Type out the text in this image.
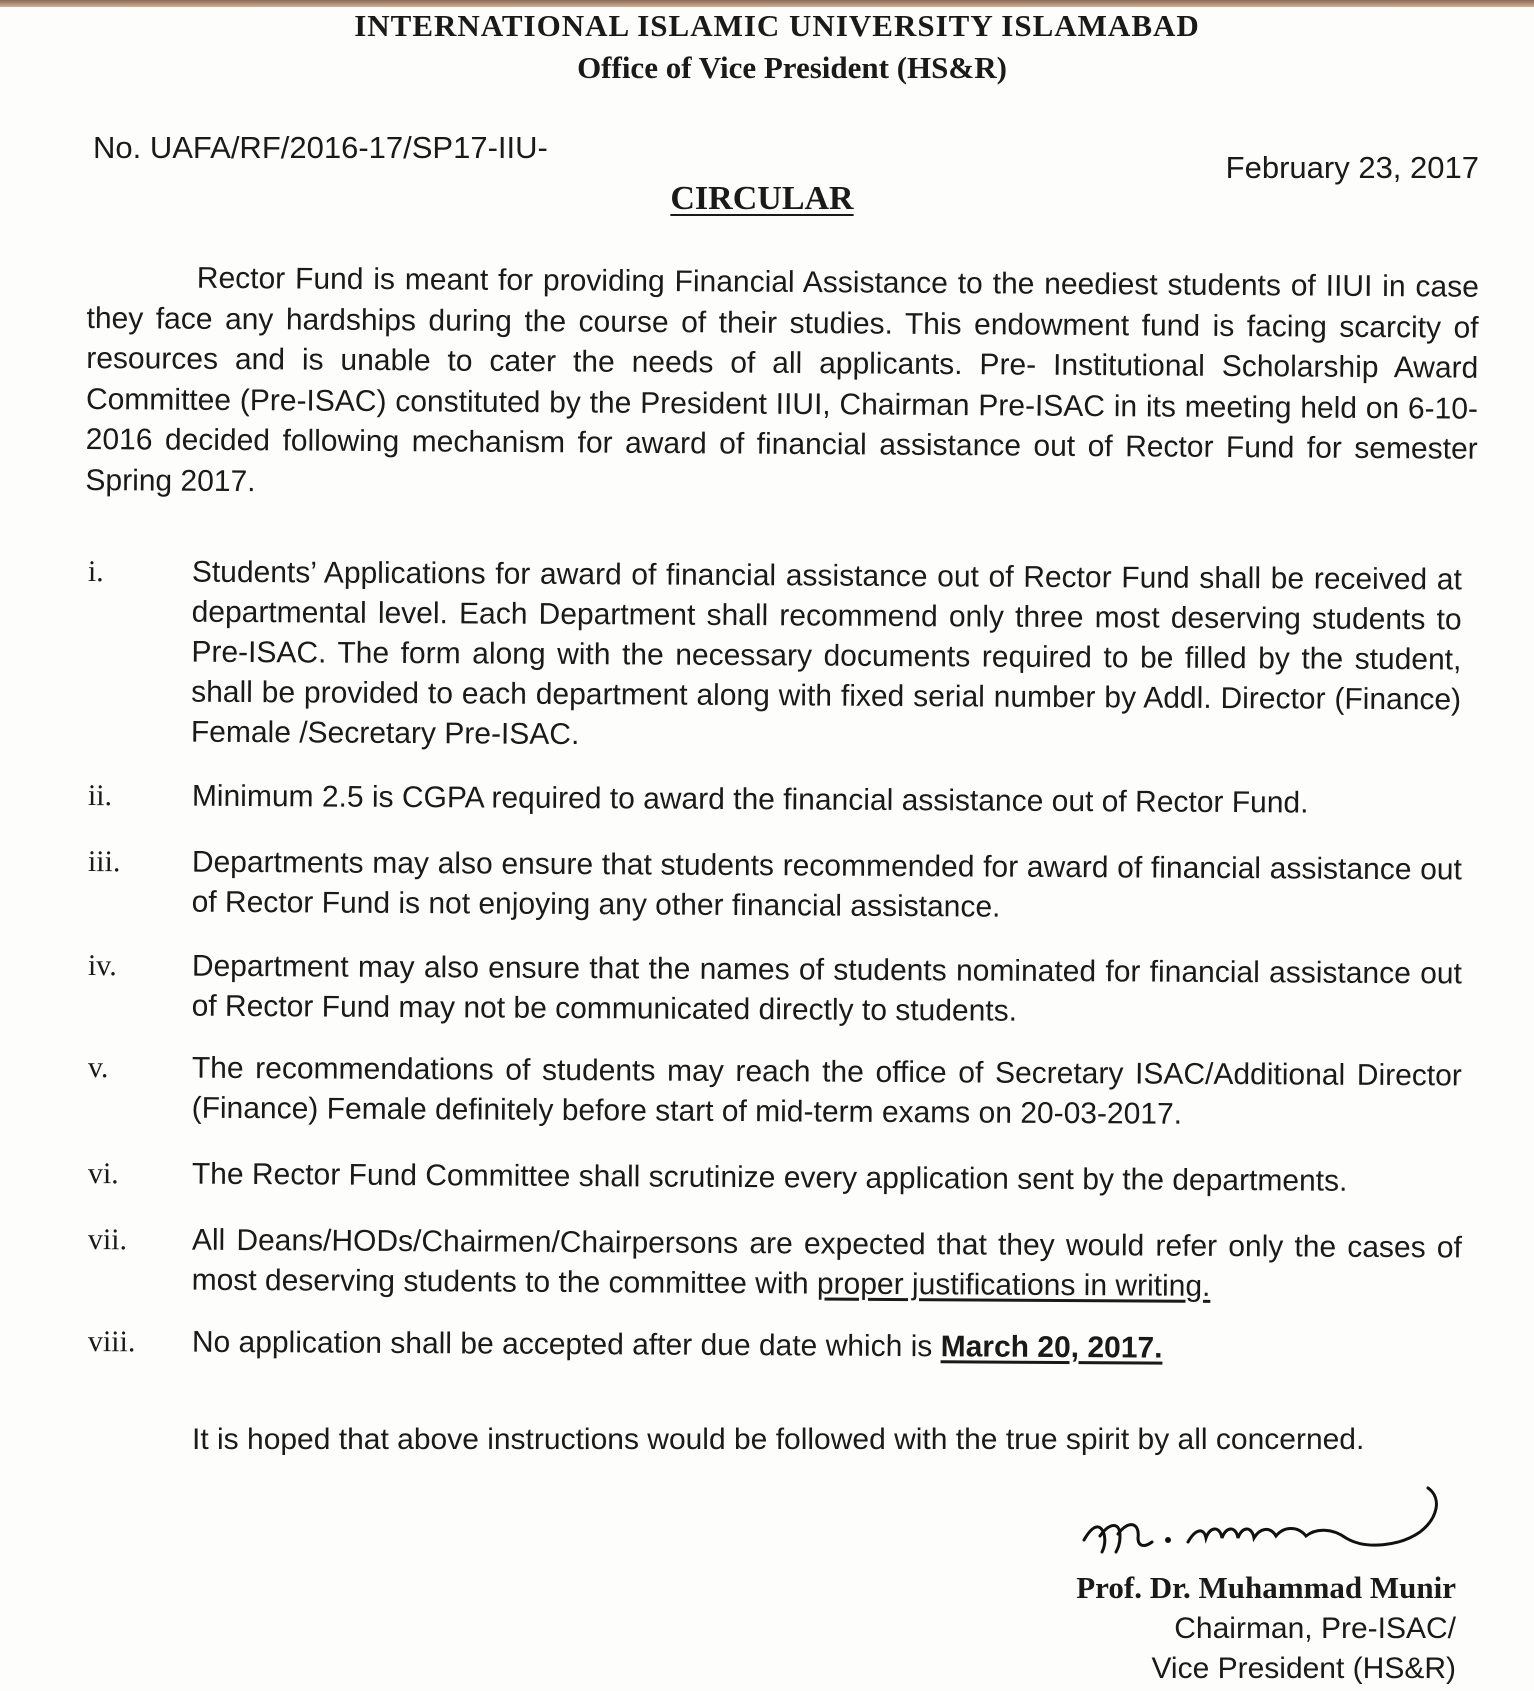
INTERNATIONAL ISLAMIC UNIVERSITY ISLAMABAD
Office of Vice President (HS&R)
No. UAFA/RF/2016-17/SP17-IIU-
February 23, 2017
CIRCULAR

Rector Fund is meant for providing Financial Assistance to the neediest students of IIUI in case they face any hardships during the course of their studies. This endowment fund is facing scarcity of resources and is unable to cater the needs of all applicants. Pre- Institutional Scholarship Award Committee (Pre-ISAC) constituted by the President IIUI, Chairman Pre-ISAC in its meeting held on 6-10-2016 decided following mechanism for award of financial assistance out of Rector Fund for semester Spring 2017.

i.	Students’ Applications for award of financial assistance out of Rector Fund shall be received at departmental level. Each Department shall recommend only three most deserving students to Pre-ISAC. The form along with the necessary documents required to be filled by the student, shall be provided to each department along with fixed serial number by Addl. Director (Finance) Female /Secretary Pre-ISAC.
ii.	Minimum 2.5 is CGPA required to award the financial assistance out of Rector Fund.
iii.	Departments may also ensure that students recommended for award of financial assistance out of Rector Fund is not enjoying any other financial assistance.
iv.	Department may also ensure that the names of students nominated for financial assistance out of Rector Fund may not be communicated directly to students.
v.	The recommendations of students may reach the office of Secretary ISAC/Additional Director (Finance) Female definitely before start of mid-term exams on 20-03-2017.
vi.	The Rector Fund Committee shall scrutinize every application sent by the departments.
vii.	All Deans/HODs/Chairmen/Chairpersons are expected that they would refer only the cases of most deserving students to the committee with proper justifications in writing.
viii.	No application shall be accepted after due date which is March 20, 2017.
It is hoped that above instructions would be followed with the true spirit by all concerned.
Prof. Dr. Muhammad Munir
Chairman, Pre-ISAC/
Vice President (HS&R)
